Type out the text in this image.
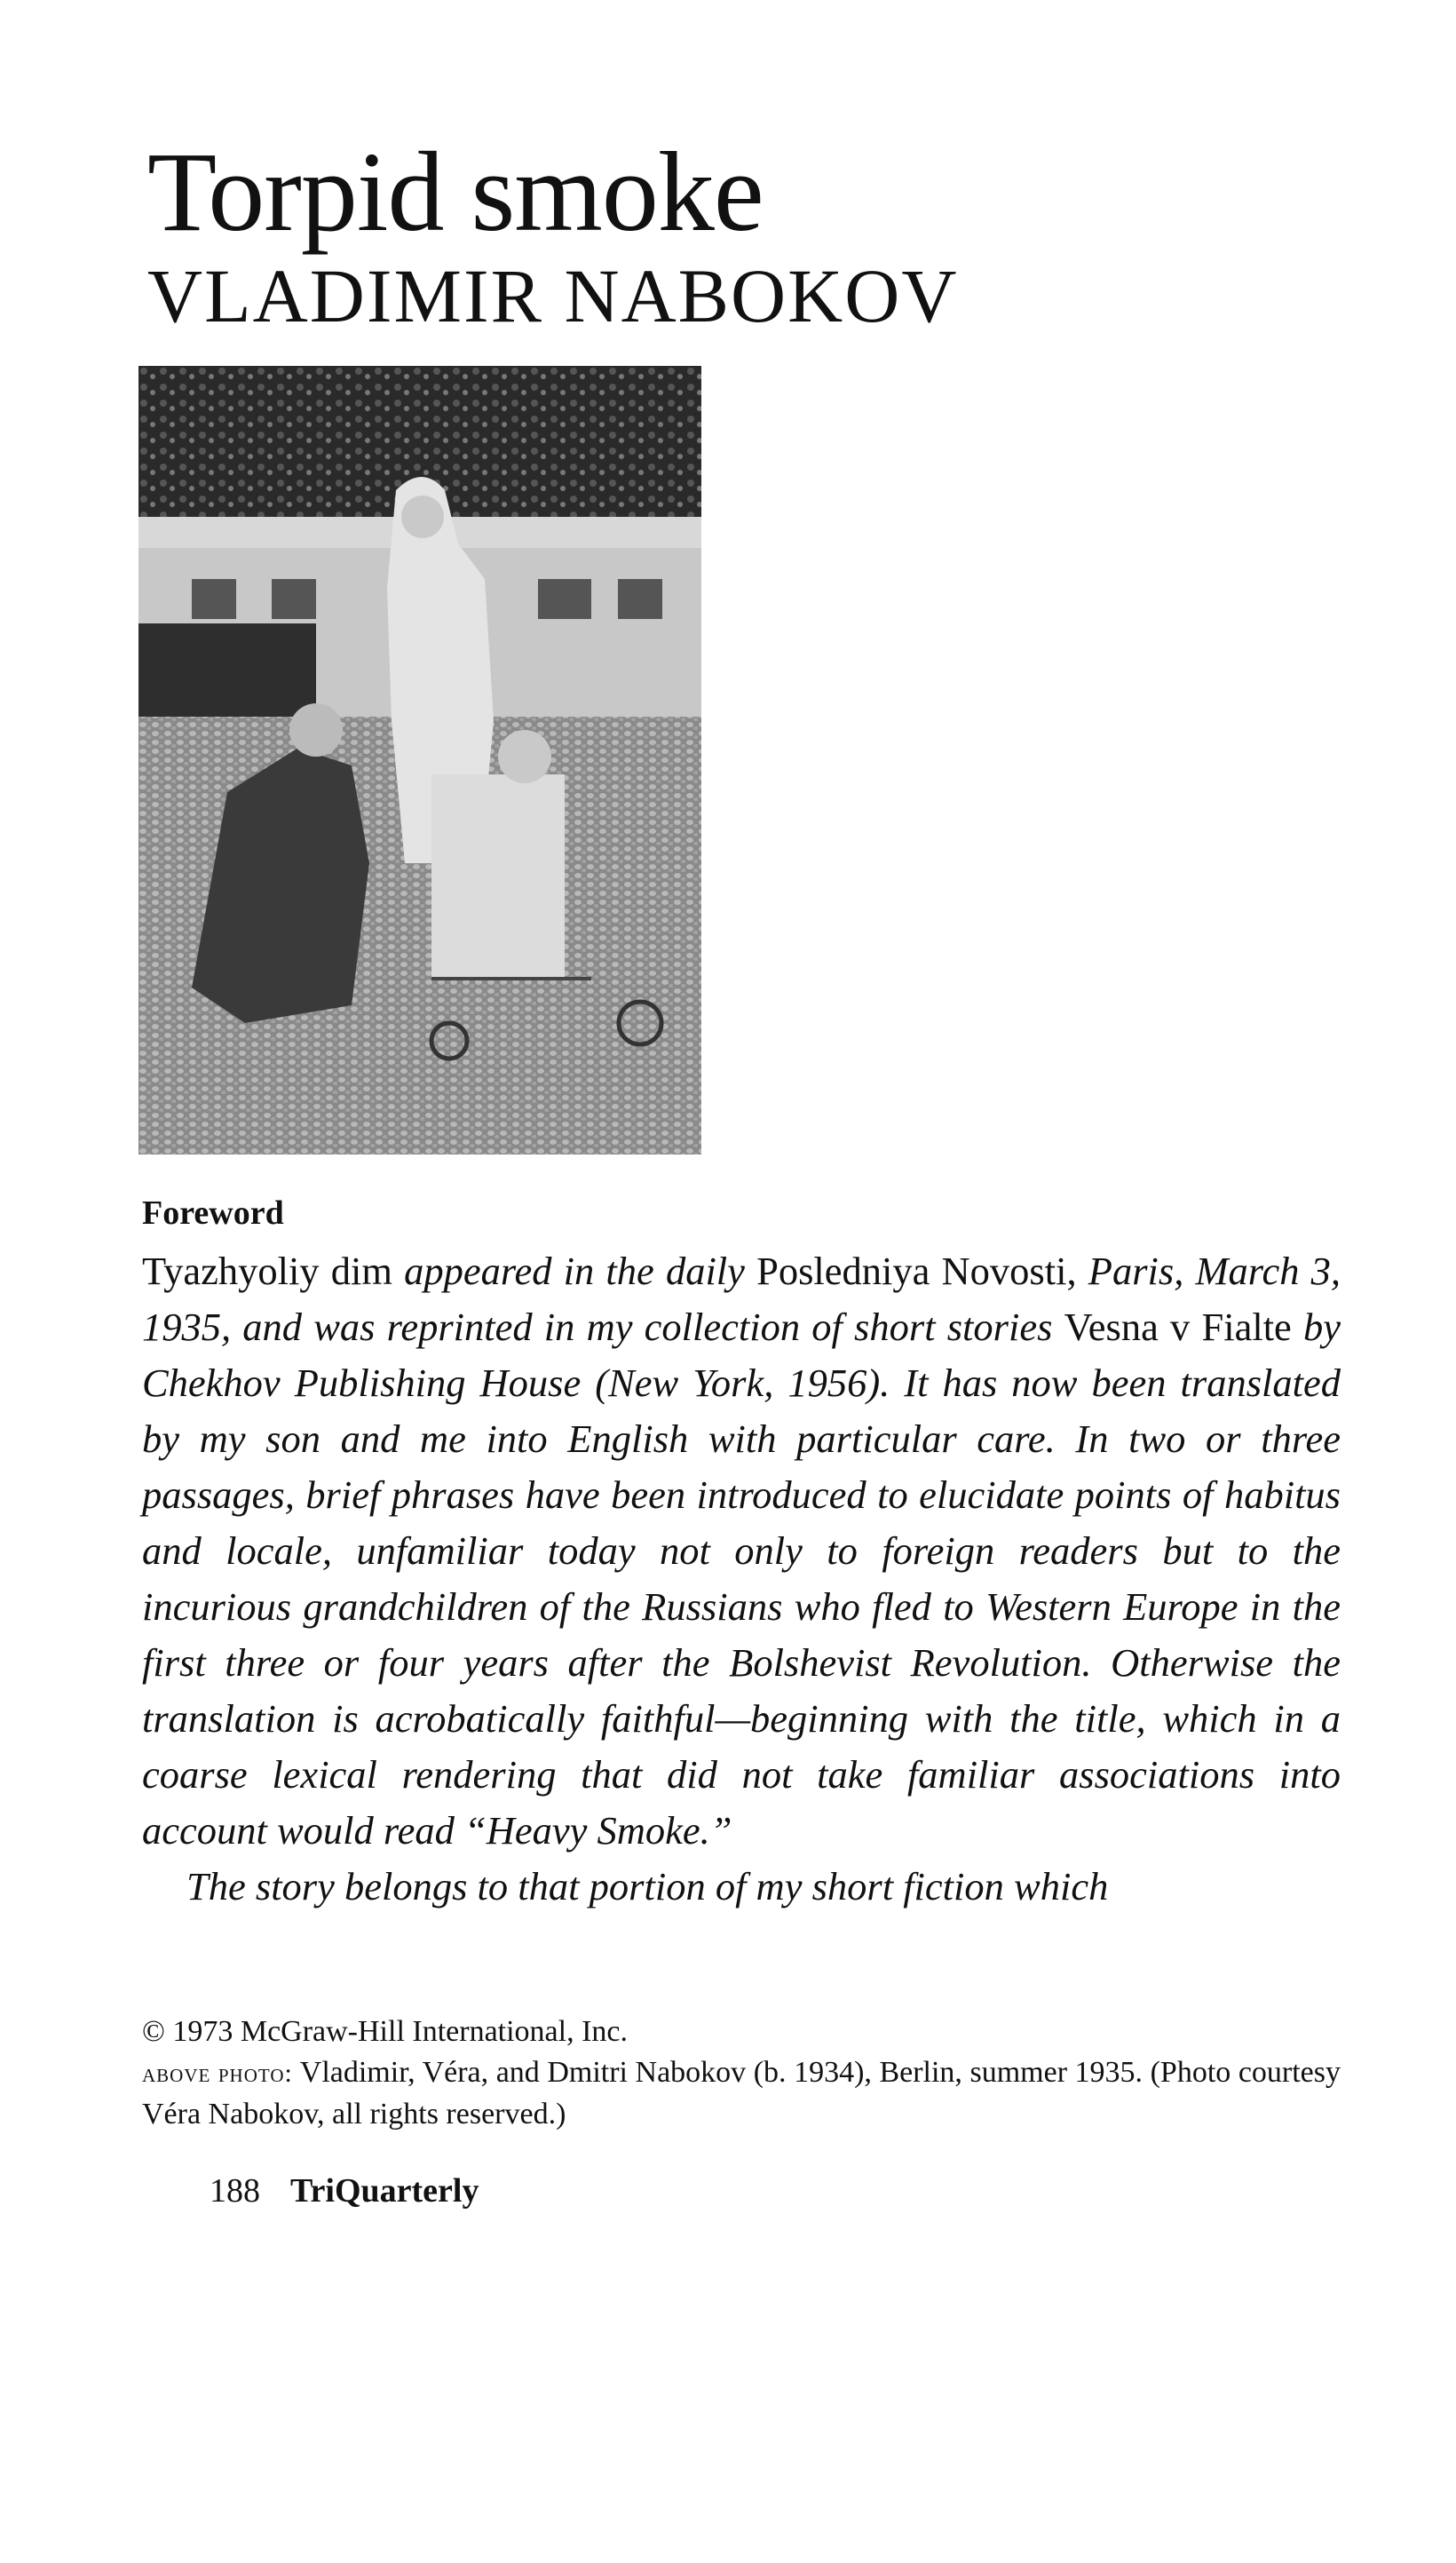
Torpid smoke
VLADIMIR NABOKOV
Foreword

Tyazhyoliy dim appeared in the daily Posledniya Novosti, Paris, March 3, 1935, and was reprinted in my collection of short stories Vesna v Fialte by Chekhov Publishing House (New York, 1956). It has now been translated by my son and me into English with particular care. In two or three passages, brief phrases have been introduced to elucidate points of habitus and locale, unfamiliar today not only to foreign readers but to the incurious grandchildren of the Russians who fled to Western Europe in the first three or four years after the Bolshevist Revolution. Otherwise the translation is acrobatically faithful—beginning with the title, which in a coarse lexical rendering that did not take familiar associations into account would read “Heavy Smoke.”

The story belongs to that portion of my short fiction which

© 1973 McGraw-Hill International, Inc.

above photo: Vladimir, Véra, and Dmitri Nabokov (b. 1934), Berlin, summer 1935. (Photo courtesy Véra Nabokov, all rights reserved.)

188 TriQuarterly
